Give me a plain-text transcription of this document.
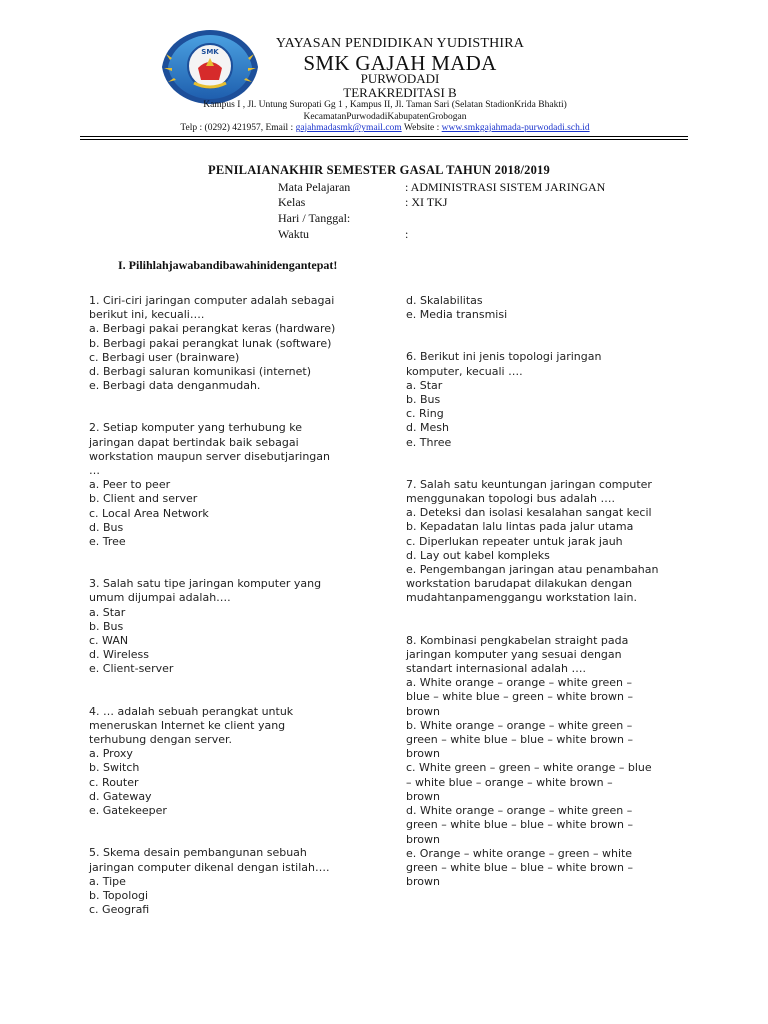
SMK
YAYASAN PENDIDIKAN YUDISTHIRA
SMK GAJAH MADA
PURWODADI
TERAKREDITASI B
Kampus I , Jl. Untung Suropati Gg 1 , Kampus II, Jl. Taman Sari (Selatan StadionKrida Bhakti)
KecamatanPurwodadiKabupatenGrobogan
Telp : (0292) 421957, Email : gajahmadasmk@ymail.com Website : www.smkgajahmada-purwodadi.sch.id
PENILAIANAKHIR SEMESTER GASAL TAHUN 2018/2019
Mata Pelajaran	: ADMINISTRASI SISTEM JARINGAN
Kelas	: XI TKJ
Hari / Tanggal:
Waktu	:
I. Pilihlahjawabandibawahinidengantepat!

1. Ciri-ciri jaringan computer adalah sebagai
berikut ini, kecuali….

a. Berbagi pakai perangkat keras (hardware)

b. Berbagi pakai perangkat lunak (software)

c. Berbagi user (brainware)

d. Berbagi saluran komunikasi (internet)

e. Berbagi data denganmudah.

2. Setiap komputer yang terhubung ke
jaringan dapat bertindak baik sebagai
workstation maupun server disebutjaringan
…

a. Peer to peer

b. Client and server

c. Local Area Network

d. Bus

e. Tree

3. Salah satu tipe jaringan komputer yang
umum dijumpai adalah….

a. Star

b. Bus

c. WAN

d. Wireless

e. Client-server

4. … adalah sebuah perangkat untuk
meneruskan Internet ke client yang
terhubung dengan server.

a. Proxy

b. Switch

c. Router

d. Gateway

e. Gatekeeper

5. Skema desain pembangunan sebuah
jaringan computer dikenal dengan istilah….

a. Tipe

b. Topologi

c. Geografi

d. Skalabilitas

e. Media transmisi

6. Berikut ini jenis topologi jaringan
komputer, kecuali ….

a. Star

b. Bus

c. Ring

d. Mesh

e. Three

7. Salah satu keuntungan jaringan computer
menggunakan topologi bus adalah ….

a. Deteksi dan isolasi kesalahan sangat kecil

b. Kepadatan lalu lintas pada jalur utama

c. Diperlukan repeater untuk jarak jauh

d. Lay out kabel kompleks

e. Pengembangan jaringan atau penambahan
workstation barudapat dilakukan dengan
mudahtanpamenggangu workstation lain.

8. Kombinasi pengkabelan straight pada
jaringan komputer yang sesuai dengan
standart internasional adalah ….

a. White orange – orange – white green –
blue – white blue – green – white brown –
brown

b. White orange – orange – white green –
green – white blue – blue – white brown –
brown

c. White green – green – white orange – blue
– white blue – orange – white brown –
brown

d. White orange – orange – white green –
green – white blue – blue – white brown –
brown

e. Orange – white orange – green – white
green – white blue – blue – white brown –
brown
